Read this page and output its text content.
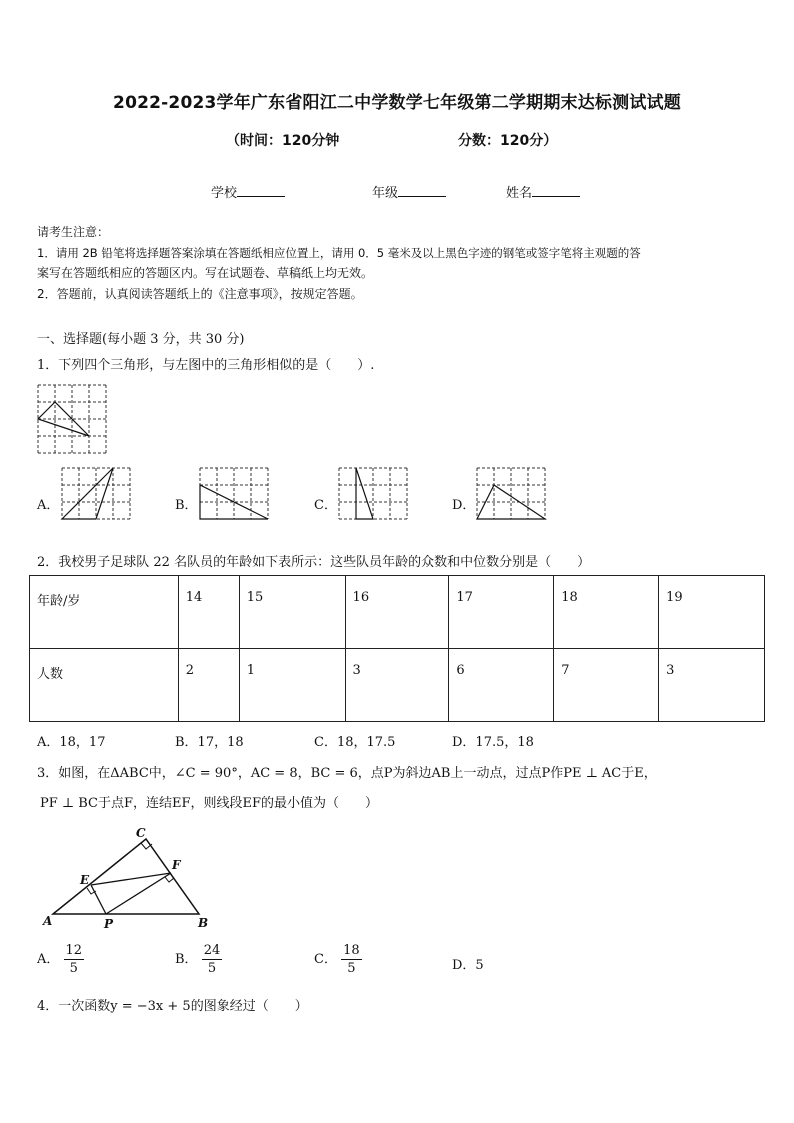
2022-2023学年广东省阳江二中学数学七年级第二学期期末达标测试试题
（时间：120分钟	分数：120分）
学校	年级	姓名
请考生注意：
1．请用 2B 铅笔将选择题答案涂填在答题纸相应位置上，请用 0．5 毫米及以上黑色字迹的钢笔或签字笔将主观题的答
案写在答题纸相应的答题区内。写在试题卷、草稿纸上均无效。
2．答题前，认真阅读答题纸上的《注意事项》，按规定答题。
一、选择题(每小题 3 分，共 30 分)
1．下列四个三角形，与左图中的三角形相似的是（　　）.
A．	B．	C．	D．
2．我校男子足球队 22 名队员的年龄如下表所示：这些队员年龄的众数和中位数分别是（　　）
年龄/岁	14	15	16	17	18	19
人数	2	1	3	6	7	3
A．18，17	B．17，18	C．18，17.5	D．17.5，18
3．如图，在ΔABC中，∠C = 90°，AC = 8，BC = 6，点P为斜边AB上一动点，过点P作PE ⊥ AC于E，
PF ⊥ BC于点F，连结EF，则线段EF的最小值为（　　）
C
F
E
A	P	B
A． $\frac{12}{5}$	B． $\frac{24}{5}$	C． $\frac{18}{5}$	D．5
4．一次函数y = −3x + 5的图象经过（　　）
